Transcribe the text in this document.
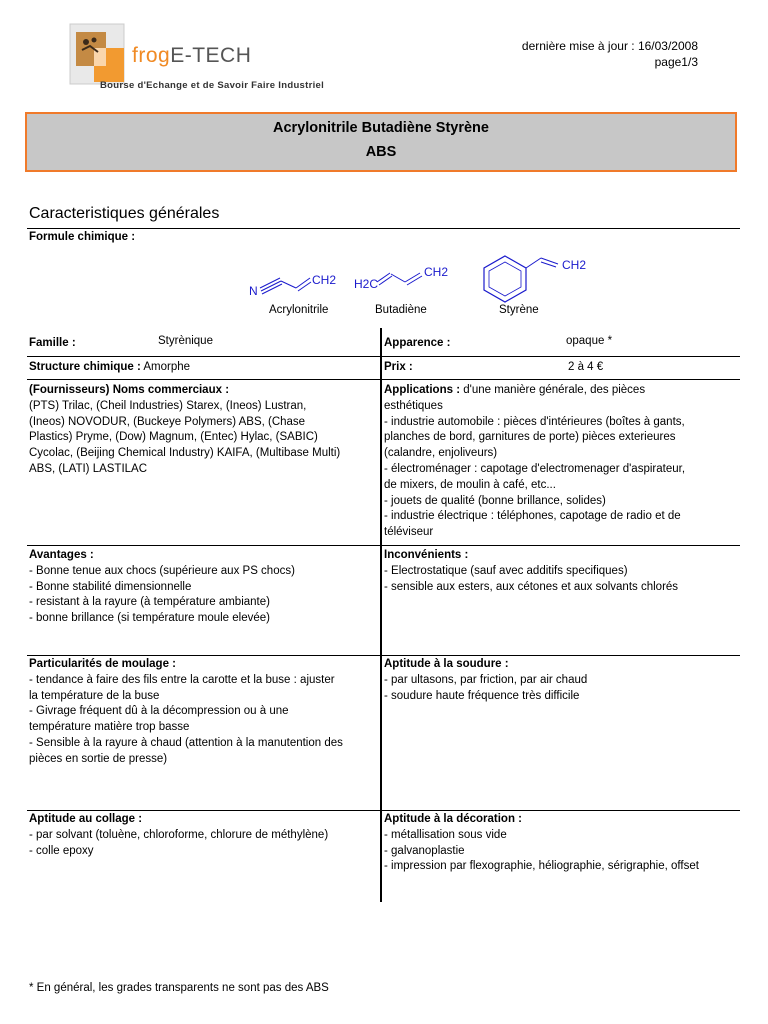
frogE-TECH
Bourse d'Echange et de Savoir Faire Industriel
dernière mise à jour : 16/03/2008
page1/3
Acrylonitrile Butadiène Styrène
ABS
Caracteristiques générales
Formule chimique :
N
CH2 H2C
CH2	CH2
Acrylonitrile	Butadiène	Styrène
Famille :	Styrènique	Apparence :	opaque *
Structure chimique : Amorphe	Prix :	2 à 4 €
(Fournisseurs) Noms commerciaux :
(PTS) Trilac, (Cheil Industries) Starex, (Ineos) Lustran,
(Ineos) NOVODUR, (Buckeye Polymers) ABS, (Chase
Plastics) Pryme, (Dow) Magnum, (Entec) Hylac, (SABIC)
Cycolac, (Beijing Chemical Industry) KAIFA, (Multibase Multi)
ABS, (LATI) LASTILAC
Applications : d'une manière générale, des pièces
esthétiques
- industrie automobile : pièces d'intérieures (boîtes à gants,
planches de bord, garnitures de porte) pièces exterieures
(calandre, enjoliveurs)
- électroménager : capotage d'electromenager d'aspirateur,
de mixers, de moulin à café, etc...
- jouets de qualité (bonne brillance, solides)
- industrie électrique : téléphones, capotage de radio et de
téléviseur
Avantages :
- Bonne tenue aux chocs (supérieure aux PS chocs)
- Bonne stabilité dimensionnelle
- resistant à la rayure (à température ambiante)
- bonne brillance (si température moule elevée)
Inconvénients :
- Electrostatique (sauf avec additifs specifiques)
- sensible aux esters, aux cétones et aux solvants chlorés
Particularités de moulage :
- tendance à faire des fils entre la carotte et la buse : ajuster
la température de la buse
- Givrage fréquent dû à la décompression ou à une
température matière trop basse
- Sensible à la rayure à chaud (attention à la manutention des
pièces en sortie de presse)
Aptitude à la soudure :
- par ultasons, par friction, par air chaud
- soudure haute fréquence très difficile
Aptitude au collage :
- par solvant (toluène, chloroforme, chlorure de méthylène)
- colle epoxy
Aptitude à la décoration :
- métallisation sous vide
- galvanoplastie
- impression par flexographie, héliographie, sérigraphie, offset
* En général, les grades transparents ne sont pas des ABS
